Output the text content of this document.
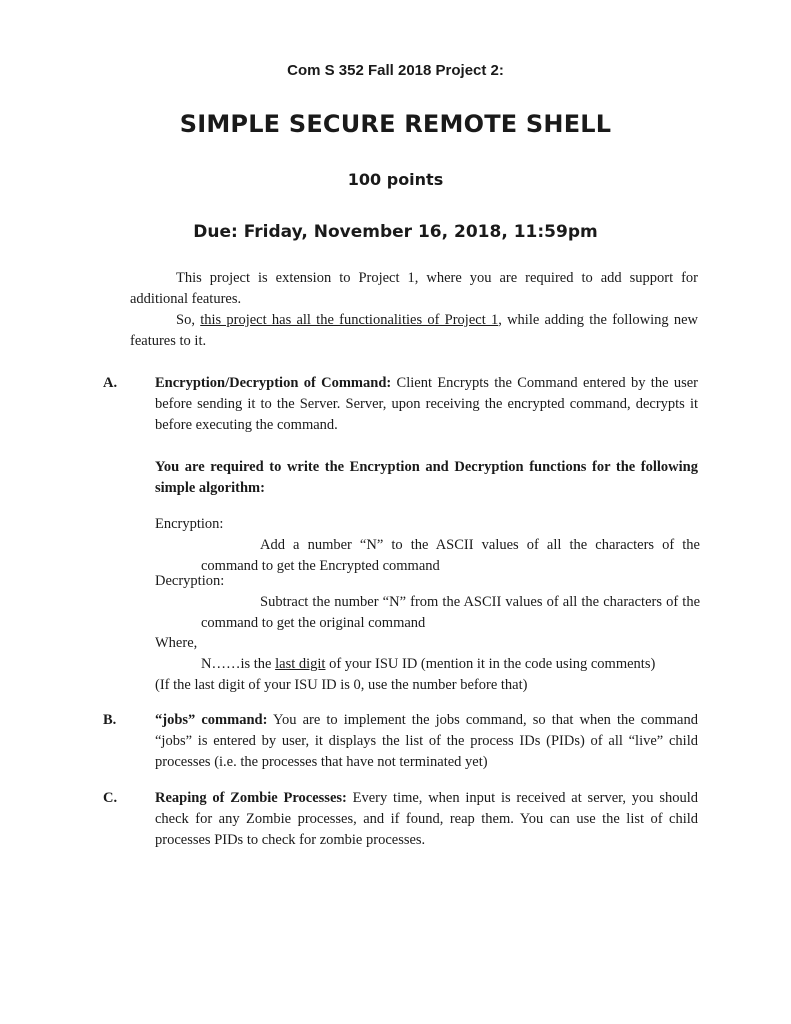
Com S 352 Fall 2018 Project 2:
SIMPLE SECURE REMOTE SHELL
100 points
Due: Friday, November 16, 2018, 11:59pm
This project is extension to Project 1, where you are required to add support for additional features.
So, this project has all the functionalities of Project 1, while adding the following new features to it.
A.	Encryption/Decryption of Command: Client Encrypts the Command entered by the user before sending it to the Server. Server, upon receiving the encrypted command, decrypts it before executing the command.
You are required to write the Encryption and Decryption functions for the following simple algorithm:
Encryption:
Add a number “N” to the ASCII values of all the characters of the command to get the Encrypted command
Decryption:
Subtract the number “N” from the ASCII values of all the characters of the command to get the original command
Where,
N……is the last digit of your ISU ID (mention it in the code using comments)
(If the last digit of your ISU ID is 0, use the number before that)
B.	“jobs” command: You are to implement the jobs command, so that when the command “jobs” is entered by user, it displays the list of the process IDs (PIDs) of all “live” child processes (i.e. the processes that have not terminated yet)
C.	Reaping of Zombie Processes: Every time, when input is received at server, you should check for any Zombie processes, and if found, reap them. You can use the list of child processes PIDs to check for zombie processes.
